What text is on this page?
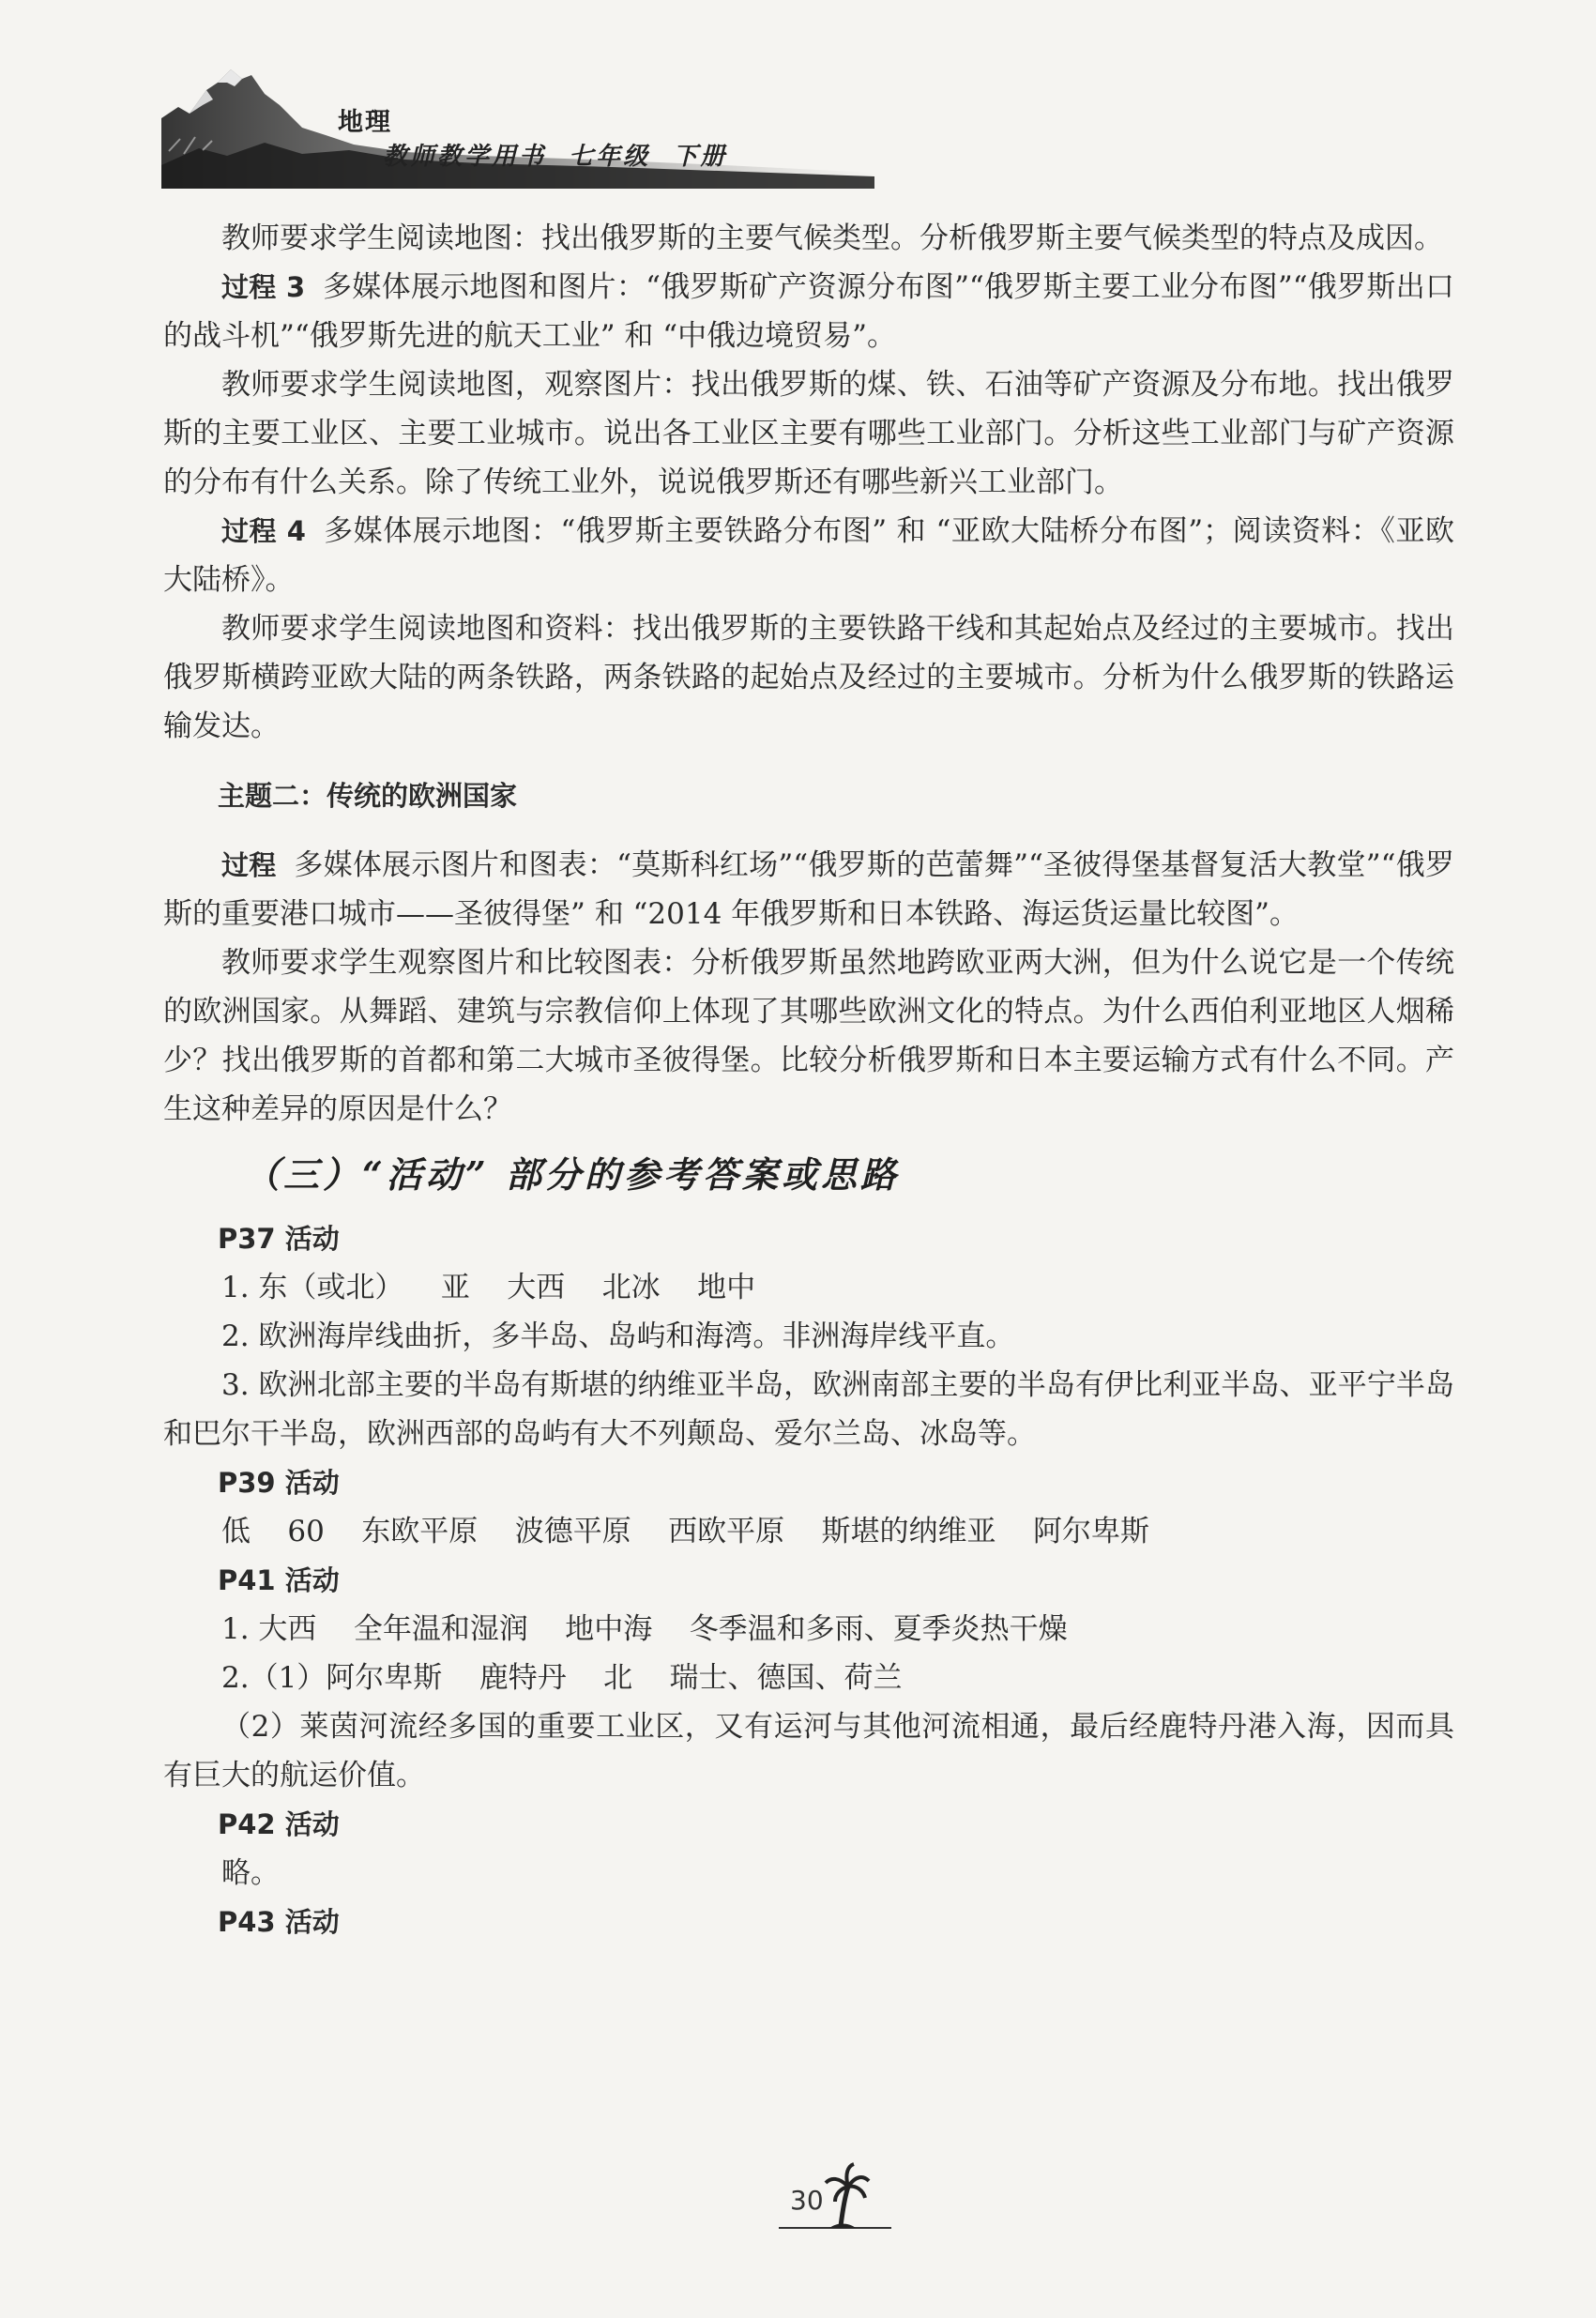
地理
教师教学用书  七年级  下册

教师要求学生阅读地图：找出俄罗斯的主要气候类型。分析俄罗斯主要气候类型的特点及成因。

过程 3 多媒体展示地图和图片：“俄罗斯矿产资源分布图”“俄罗斯主要工业分布图”“俄罗斯出口的战斗机”“俄罗斯先进的航天工业” 和 “中俄边境贸易”。

教师要求学生阅读地图，观察图片：找出俄罗斯的煤、铁、石油等矿产资源及分布地。找出俄罗斯的主要工业区、主要工业城市。说出各工业区主要有哪些工业部门。分析这些工业部门与矿产资源的分布有什么关系。除了传统工业外，说说俄罗斯还有哪些新兴工业部门。

过程 4 多媒体展示地图：“俄罗斯主要铁路分布图” 和 “亚欧大陆桥分布图”；阅读资料：《亚欧大陆桥》。

教师要求学生阅读地图和资料：找出俄罗斯的主要铁路干线和其起始点及经过的主要城市。找出俄罗斯横跨亚欧大陆的两条铁路，两条铁路的起始点及经过的主要城市。分析为什么俄罗斯的铁路运输发达。

主题二：传统的欧洲国家

过程 多媒体展示图片和图表：“莫斯科红场”“俄罗斯的芭蕾舞”“圣彼得堡基督复活大教堂”“俄罗斯的重要港口城市——圣彼得堡” 和 “2014 年俄罗斯和日本铁路、海运货运量比较图”。

教师要求学生观察图片和比较图表：分析俄罗斯虽然地跨欧亚两大洲，但为什么说它是一个传统的欧洲国家。从舞蹈、建筑与宗教信仰上体现了其哪些欧洲文化的特点。为什么西伯利亚地区人烟稀少？找出俄罗斯的首都和第二大城市圣彼得堡。比较分析俄罗斯和日本主要运输方式有什么不同。产生这种差异的原因是什么？

（三）“活动” 部分的参考答案或思路
P37 活动
1. 东（或北）    亚    大西    北冰    地中

2. 欧洲海岸线曲折，多半岛、岛屿和海湾。非洲海岸线平直。

3. 欧洲北部主要的半岛有斯堪的纳维亚半岛，欧洲南部主要的半岛有伊比利亚半岛、亚平宁半岛和巴尔干半岛，欧洲西部的岛屿有大不列颠岛、爱尔兰岛、冰岛等。

P39 活动
低    60    东欧平原    波德平原    西欧平原    斯堪的纳维亚    阿尔卑斯
P41 活动
1. 大西    全年温和湿润    地中海    冬季温和多雨、夏季炎热干燥
2.（1）阿尔卑斯    鹿特丹    北    瑞士、德国、荷兰

（2）莱茵河流经多国的重要工业区，又有运河与其他河流相通，最后经鹿特丹港入海，因而具有巨大的航运价值。

P42 活动

略。

P43 活动
30
